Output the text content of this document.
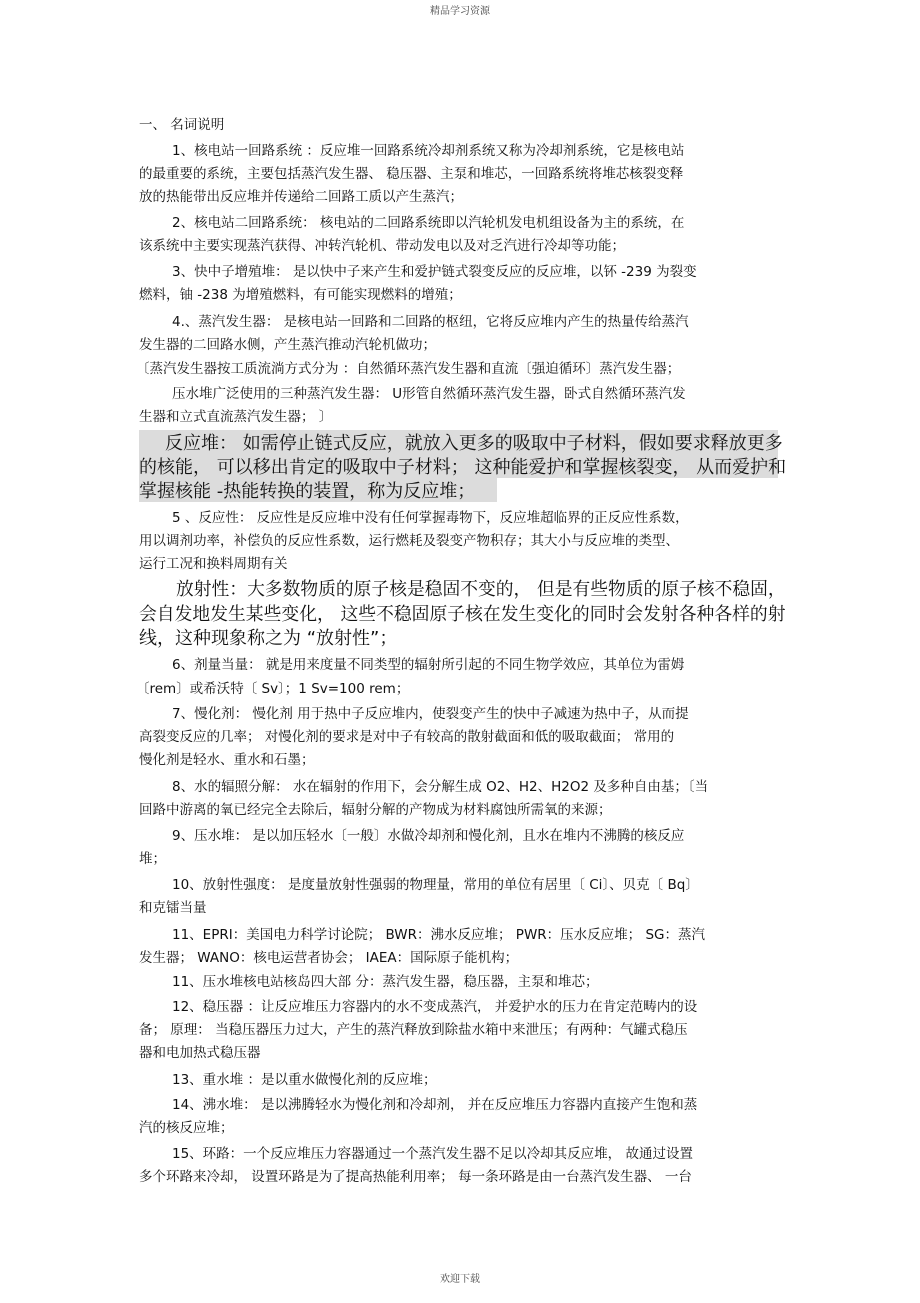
精品学习资源
一、 名词说明
1、核电站一回路系统 ：反应堆一回路系统冷却剂系统又称为冷却剂系统，它是核电站
的最重要的系统，主要包括蒸汽发生器、 稳压器、主泵和堆芯，一回路系统将堆芯核裂变释
放的热能带出反应堆并传递给二回路工质以产生蒸汽；
2、核电站二回路系统： 核电站的二回路系统即以汽轮机发电机组设备为主的系统，在
该系统中主要实现蒸汽获得、冲转汽轮机、带动发电以及对乏汽进行冷却等功能；
3、快中子增殖堆： 是以快中子来产生和爱护链式裂变反应的反应堆，以钚 -239 为裂变
燃料，铀 -238 为增殖燃料，有可能实现燃料的增殖；
4.、蒸汽发生器： 是核电站一回路和二回路的枢纽，它将反应堆内产生的热量传给蒸汽
发生器的二回路水侧，产生蒸汽推动汽轮机做功；
〔蒸汽发生器按工质流淌方式分为 ：自然循环蒸汽发生器和直流〔强迫循环〕蒸汽发生器；
压水堆广泛使用的三种蒸汽发生器： U形管自然循环蒸汽发生器，卧式自然循环蒸汽发
生器和立式直流蒸汽发生器； 〕
反应堆： 如需停止链式反应，就放入更多的吸取中子材料，假如要求释放更多
的核能， 可以移出肯定的吸取中子材料； 这种能爱护和掌握核裂变， 从而爱护和
掌握核能 -热能转换的装置，称为反应堆；
5 、反应性： 反应性是反应堆中没有任何掌握毒物下，反应堆超临界的正反应性系数，
用以调剂功率，补偿负的反应性系数，运行燃耗及裂变产物积存；其大小与反应堆的类型、
运行工况和换料周期有关
放射性：大多数物质的原子核是稳固不变的， 但是有些物质的原子核不稳固，
会自发地发生某些变化， 这些不稳固原子核在发生变化的同时会发射各种各样的射
线，这种现象称之为 “放射性”；
6、剂量当量： 就是用来度量不同类型的辐射所引起的不同生物学效应，其单位为雷姆
〔rem〕或希沃特〔 Sv〕；1 Sv=100 rem；
7、慢化剂： 慢化剂 用于热中子反应堆内，使裂变产生的快中子减速为热中子，从而提
高裂变反应的几率； 对慢化剂的要求是对中子有较高的散射截面和低的吸取截面； 常用的
慢化剂是轻水、重水和石墨；
8、水的辐照分解： 水在辐射的作用下，会分解生成 O2、H2、H2O2 及多种自由基；〔当
回路中游离的氧已经完全去除后，辐射分解的产物成为材料腐蚀所需氧的来源；
9、压水堆： 是以加压轻水〔一般〕水做冷却剂和慢化剂，且水在堆内不沸腾的核反应
堆；
10、放射性强度： 是度量放射性强弱的物理量，常用的单位有居里〔 Ci〕、贝克〔 Bq〕
和克镭当量
11、EPRI：美国电力科学讨论院； BWR：沸水反应堆； PWR：压水反应堆； SG：蒸汽
发生器； WANO：核电运营者协会； IAEA：国际原子能机构；
11、压水堆核电站核岛四大部 分：蒸汽发生器，稳压器，主泵和堆芯；
12、稳压器 ：让反应堆压力容器内的水不变成蒸汽， 并爱护水的压力在肯定范畴内的设
备； 原理： 当稳压器压力过大，产生的蒸汽释放到除盐水箱中来泄压；有两种：气罐式稳压
器和电加热式稳压器
13、重水堆 ：是以重水做慢化剂的反应堆；
14、沸水堆： 是以沸腾轻水为慢化剂和冷却剂， 并在反应堆压力容器内直接产生饱和蒸
汽的核反应堆；
15、环路：一个反应堆压力容器通过一个蒸汽发生器不足以冷却其反应堆， 故通过设置
多个环路来冷却， 设置环路是为了提高热能利用率； 每一条环路是由一台蒸汽发生器、 一台
欢迎下载
